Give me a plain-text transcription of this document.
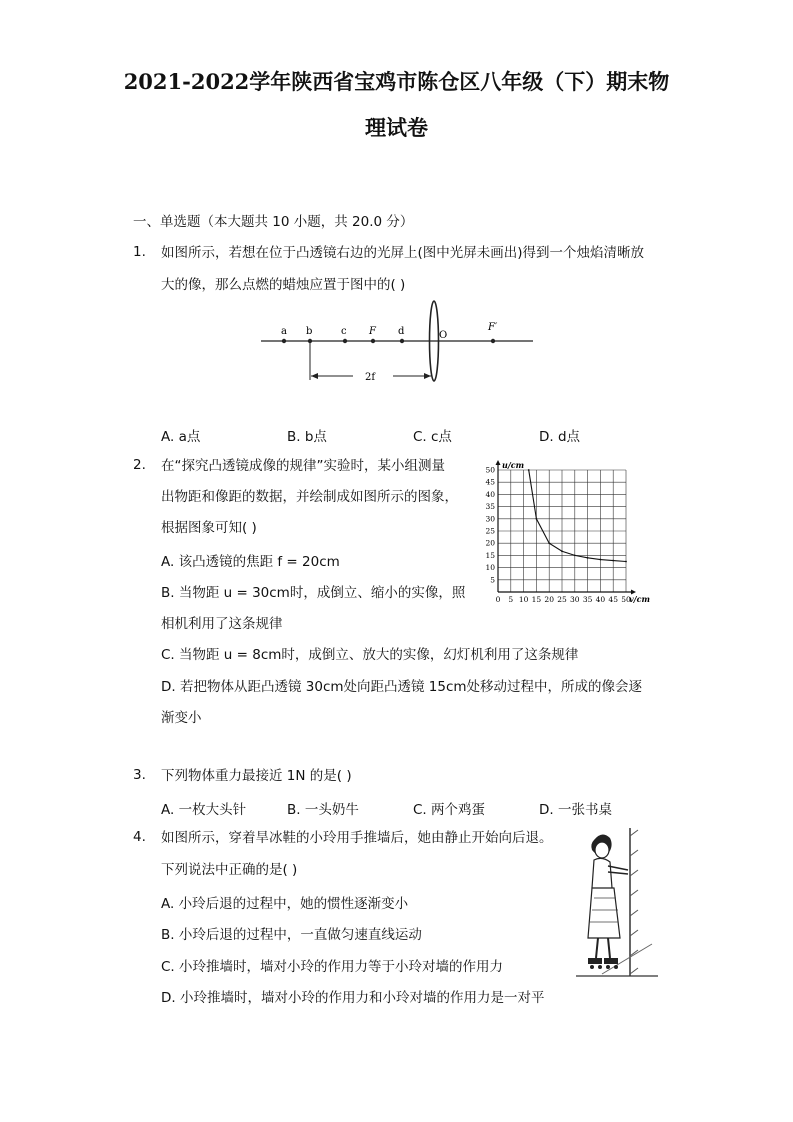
2021-2022学年陕西省宝鸡市陈仓区八年级（下）期末物
理试卷
一、单选题（本大题共 10 小题，共 20.0 分）
1. 如图所示，若想在位于凸透镜右边的光屏上(图中光屏未画出)得到一个烛焰清晰放
大的像，那么点燃的蜡烛应置于图中的( )
a b	c F d	O
F′
2f
A. a点	B. b点	C. c点	D. d点
2. 在“探究凸透镜成像的规律”实验时，某小组测量
出物距和像距的数据，并绘制成如图所示的图象，
根据图象可知( )
A. 该凸透镜的焦距 f = 20cm
B. 当物距 u = 30cm时，成倒立、缩小的实像，照
相机利用了这条规律
C. 当物距 u = 8cm时，成倒立、放大的实像，幻灯机利用了这条规律
D. 若把物体从距凸透镜 30cm处向距凸透镜 15cm处移动过程中，所成的像会逐
渐变小
0 5 10 15 20 25 30 35 40 45 50
5
10
15
20
25
30
35
40
45
50 u/cm
v/cm
3. 下列物体重力最接近 1N 的是( )
A. 一枚大头针	B. 一头奶牛	C. 两个鸡蛋	D. 一张书桌
4. 如图所示，穿着旱冰鞋的小玲用手推墙后，她由静止开始向后退。
下列说法中正确的是( )
A. 小玲后退的过程中，她的惯性逐渐变小
B. 小玲后退的过程中，一直做匀速直线运动
C. 小玲推墙时，墙对小玲的作用力等于小玲对墙的作用力
D. 小玲推墙时，墙对小玲的作用力和小玲对墙的作用力是一对平
